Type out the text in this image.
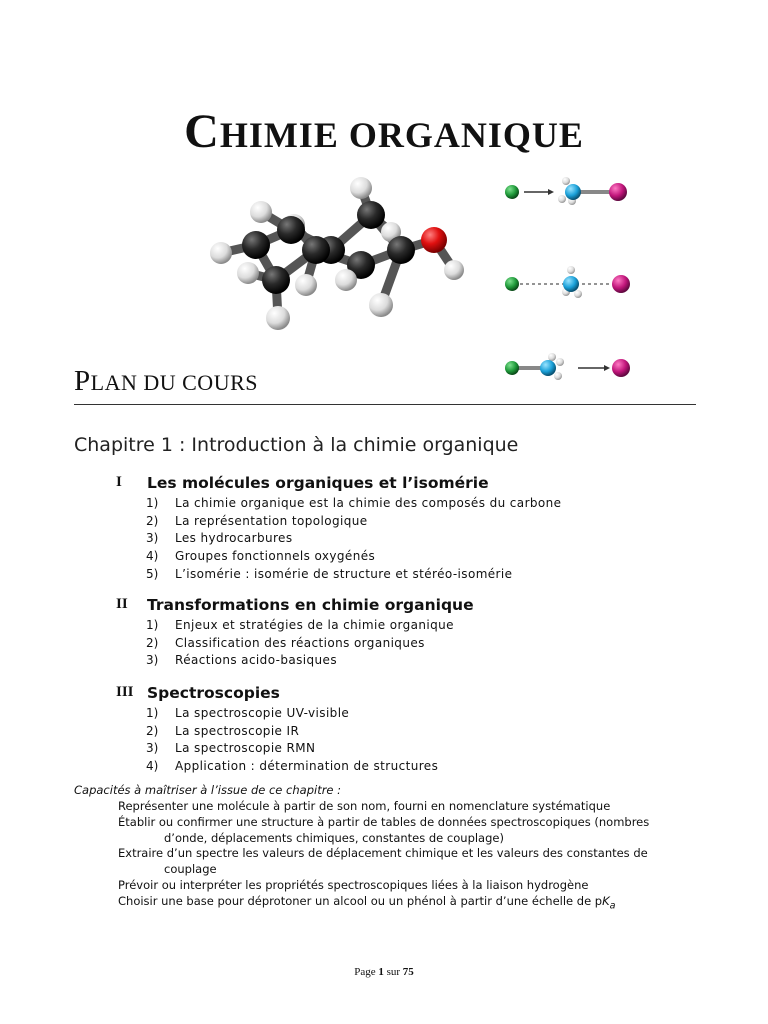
CHIMIE ORGANIQUE
PLAN DU COURS
Chapitre 1 : Introduction à la chimie organique
I Les molécules organiques et l’isomérie
1)	La chimie organique est la chimie des composés du carbone
2)	La représentation topologique
3)	Les hydrocarbures
4)	Groupes fonctionnels oxygénés
5)	L’isomérie : isomérie de structure et stéréo-isomérie
II Transformations en chimie organique
1)	Enjeux et stratégies de la chimie organique
2)	Classification des réactions organiques
3)	Réactions acido-basiques
III Spectroscopies
1)	La spectroscopie UV-visible
2)	La spectroscopie IR
3)	La spectroscopie RMN
4)	Application : détermination de structures
Capacités à maîtriser à l’issue de ce chapitre :
Représenter une molécule à partir de son nom, fourni en nomenclature systématique
Établir ou confirmer une structure à partir de tables de données spectroscopiques (nombres
d’onde, déplacements chimiques, constantes de couplage)
Extraire d’un spectre les valeurs de déplacement chimique et les valeurs des constantes de
couplage
Prévoir ou interpréter les propriétés spectroscopiques liées à la liaison hydrogène
Choisir une base pour déprotoner un alcool ou un phénol à partir d’une échelle de $pK_a$
Page 1 sur 75
